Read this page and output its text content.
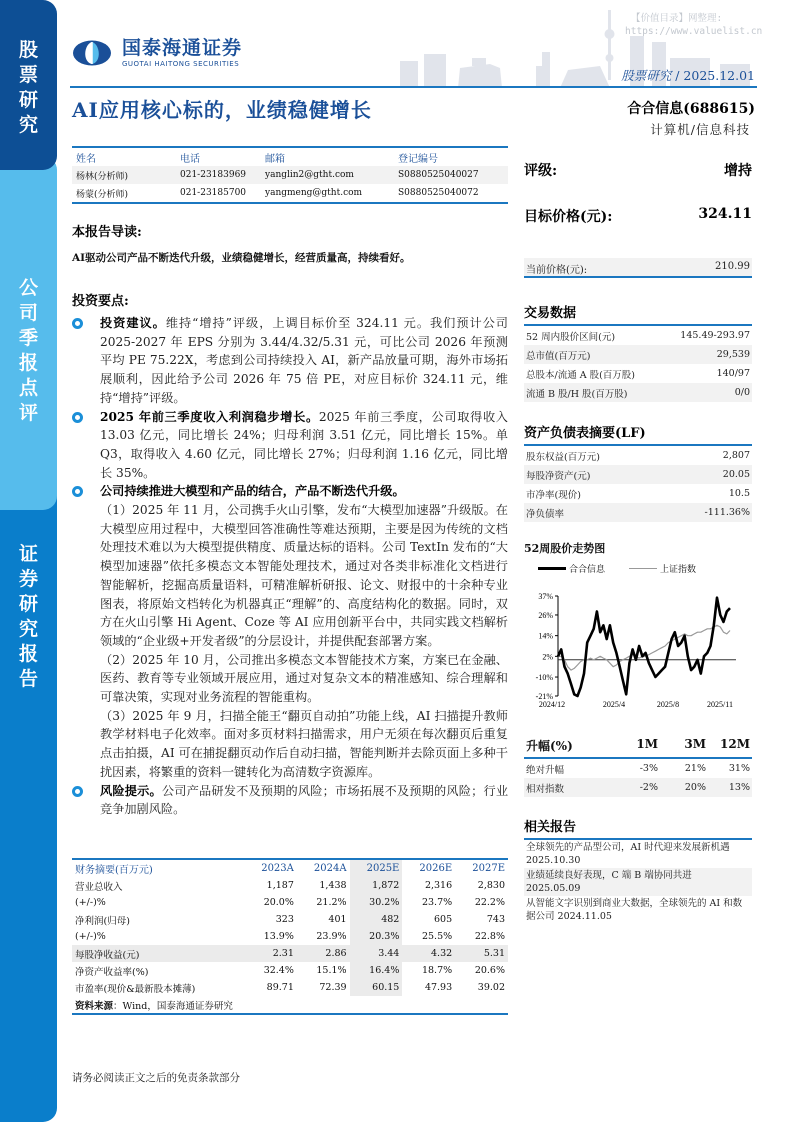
股票研究
公司季报点评
证券研究报告
国泰海通证券
GUOTAI HAITONG SECURITIES
【价值目录】网整理:
https://www.valuelist.cn
股票研究 / 2025.12.01
AI应用核心标的，业绩稳健增长	合合信息(688615)
计算机/信息科技
姓名	电话	邮箱	登记编号
杨林(分析师)	021-23183969	yanglin2@gtht.com	S0880525040027
杨蒙(分析师)	021-23185700	yangmeng@gtht.com	S0880525040072
本报告导读:
AI驱动公司产品不断迭代升级，业绩稳健增长，经营质量高，持续看好。
投资要点:
投资建议。维持“增持”评级，上调目标价至 324.11 元。我们预计公司 2025-2027 年 EPS 分别为 3.44/4.32/5.31 元，可比公司 2026 年预测平均 PE 75.22X，考虑到公司持续投入 AI，新产品放量可期，海外市场拓展顺利，因此给予公司 2026 年 75 倍 PE，对应目标价 324.11 元，维持“增持”评级。
2025 年前三季度收入利润稳步增长。2025 年前三季度，公司取得收入 13.03 亿元，同比增长 24%；归母利润 3.51 亿元，同比增长 15%。单 Q3，取得收入 4.60 亿元，同比增长 27%；归母利润 1.16 亿元，同比增长 35%。
公司持续推进大模型和产品的结合，产品不断迭代升级。

（1）2025 年 11 月，公司携手火山引擎，发布“大模型加速器”升级版。在大模型应用过程中，大模型回答准确性等难达预期，主要是因为传统的文档处理技术难以为大模型提供精度、质量达标的语料。公司 TextIn 发布的“大模型加速器”依托多模态文本智能处理技术，通过对各类非标准化文档进行智能解析，挖掘高质量语料，可精准解析研报、论文、财报中的十余种专业图表，将原始文档转化为机器真正“理解”的、高度结构化的数据。同时，双方在火山引擎 Hi Agent、Coze 等 AI 应用创新平台中，共同实践文档解析领域的“企业级+开发者级”的分层设计，并提供配套部署方案。

（2）2025 年 10 月，公司推出多模态文本智能技术方案，方案已在金融、医药、教育等专业领域开展应用，通过对复杂文本的精准感知、综合理解和可靠决策，实现对业务流程的智能重构。

（3）2025 年 9 月，扫描全能王“翻页自动拍”功能上线，AI 扫描提升教师教学材料电子化效率。面对多页材料扫描需求，用户无须在每次翻页后重复点击拍摄，AI 可在捕捉翻页动作后自动扫描，智能判断并去除页面上多种干扰因素，将繁重的资料一键转化为高清数字资源库。

风险提示。公司产品研发不及预期的风险；市场拓展不及预期的风险；行业竞争加剧风险。
财务摘要(百万元)	2023A	2024A	2025E	2026E	2027E
营业总收入	1,187	1,438	1,872	2,316	2,830
(+/-)%	20.0%	21.2%	30.2%	23.7%	22.2%
净利润(归母)	323	401	482	605	743
(+/-)%	13.9%	23.9%	20.3%	25.5%	22.8%
每股净收益(元)	2.31	2.86	3.44	4.32	5.31
净资产收益率(%)	32.4%	15.1%	16.4%	18.7%	20.6%
市盈率(现价&最新股本摊薄)	89.71	72.39	60.15	47.93	39.02
资料来源：Wind，国泰海通证券研究					
请务必阅读正文之后的免责条款部分
评级:	增持
目标价格(元):	324.11
当前价格(元):	210.99
交易数据
52 周内股价区间(元)	145.49-293.97
总市值(百万元)	29,539
总股本/流通 A 股(百万股)	140/97
流通 B 股/H 股(百万股)	0/0
资产负债表摘要(LF)
股东权益(百万元)	2,807
每股净资产(元)	20.05
市净率(现价)	10.5
净负债率	-111.36%
52周股价走势图
合合信息	上证指数
37%
26%
14%
2%
-10%
-21%
2024/12	2025/4	2025/8	2025/11
升幅(%)	1M	3M	12M
绝对升幅	-3%	21%	31%
相对指数	-2%	20%	13%
相关报告
全球领先的产品型公司，AI 时代迎来发展新机遇
2025.10.30
业绩延续良好表现，C 端 B 端协同共进
2025.05.09
从智能文字识别到商业大数据，全球领先的 AI 和数据公司 2024.11.05
